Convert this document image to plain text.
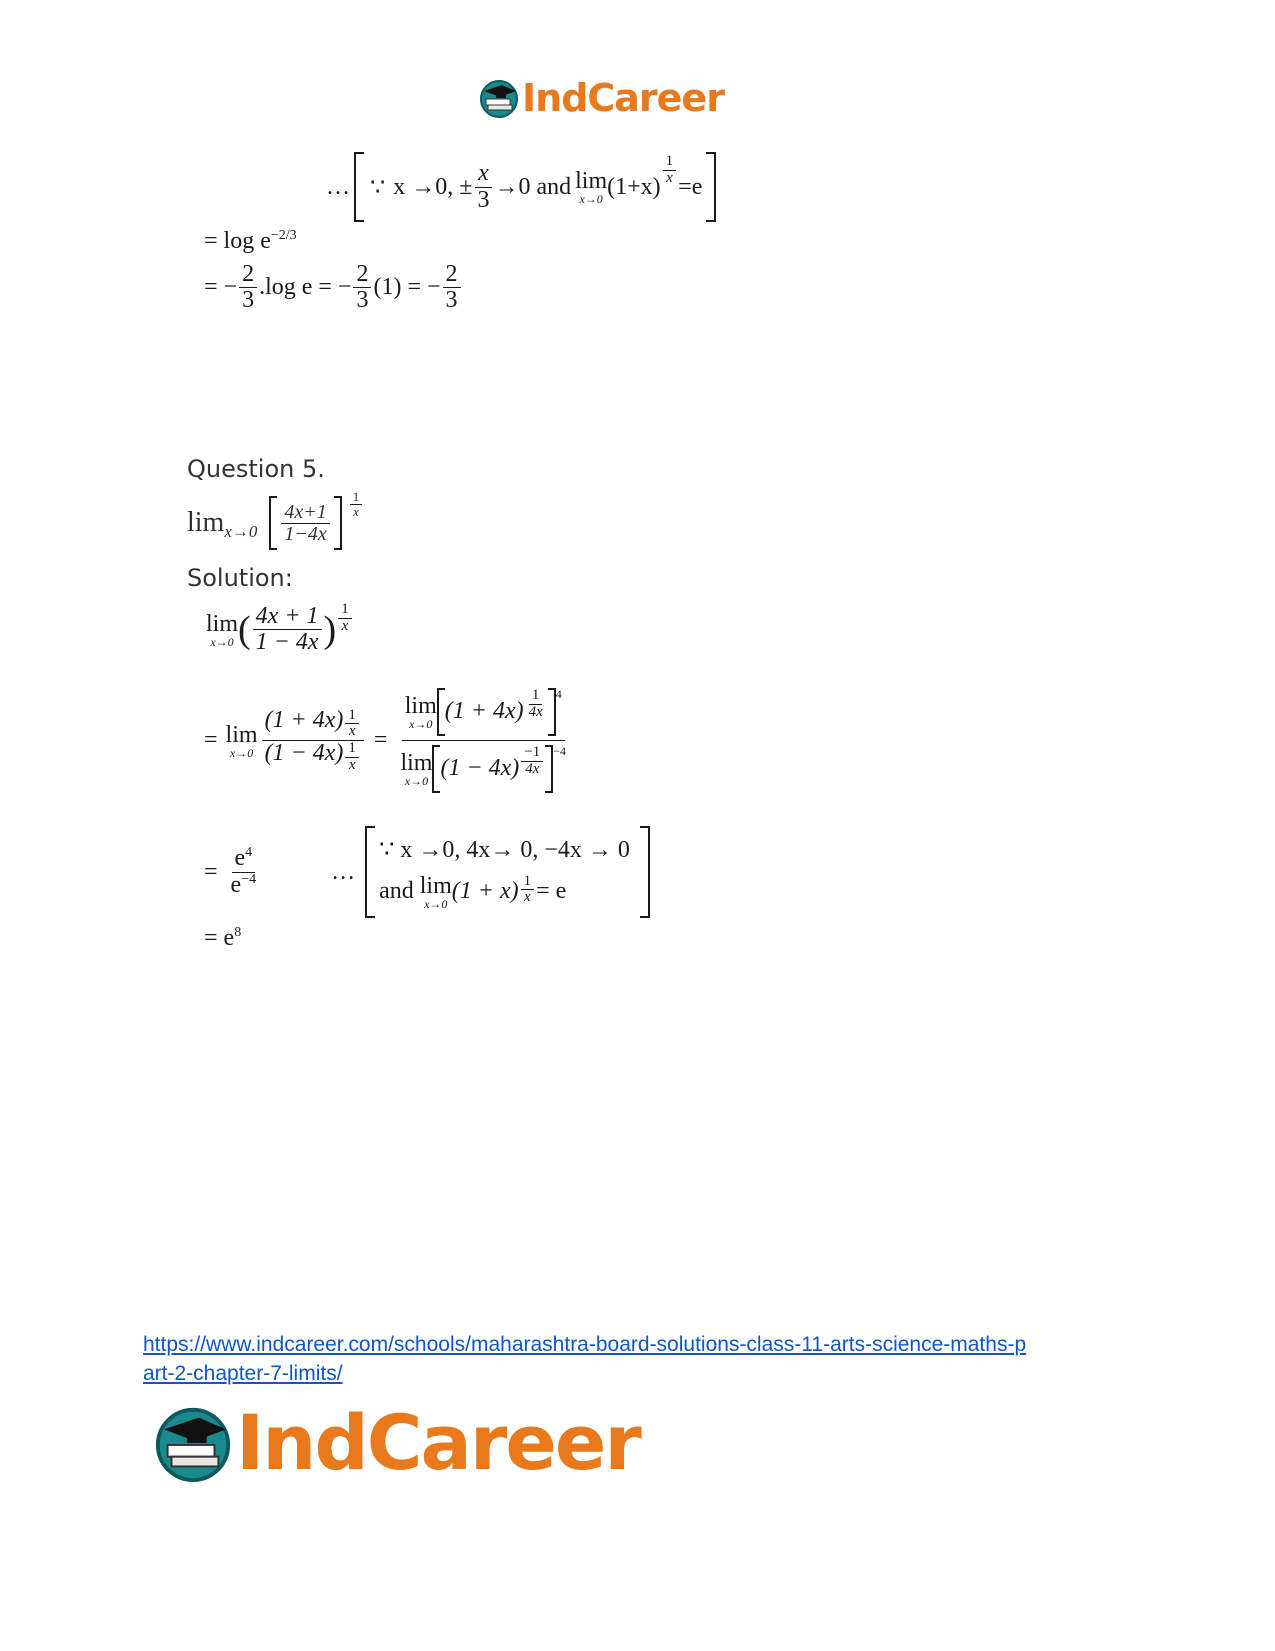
IndCareer
… ∵ x →0, ± $\frac{x}{3} \to 0$ and lim
x→0 $(1+x) \frac{1}{x} =e$
= $\log e^{-2/3}$
= − $\frac{2}{3} .\log$ e = − $\frac{2}{3} (1)$ = − $\frac{2}{3}$
Question 5.
$\lim x\to 0 \frac{4x+1}{1-4x} \frac{1}{x}$
Solution:
lim
x→0 ( $\frac{4x + 1}{1 - 4x}$ ) $\frac{1}{x}$
= lim
$x\to 0 \frac{(1 + 4x) \frac{1}{x}}{(1 - 4x) \frac{1}{x}} = \lim$
x→0 $(1 + 4x) \frac{1}{4x} 4$
lim
x→0 $(1 - 4x) \frac{-1}{4x} -4$
= $\frac{e^4}{e^{-4}}$	…
∵ x →0, 4x→ 0, −4x → 0
and lim
x→0 $(1 + x) \frac{1}{x} = e$
= $e^8$
https://www.indcareer.com/schools/maharashtra-board-solutions-class-11-arts-science-maths-p
art-2-chapter-7-limits/
IndCareer
